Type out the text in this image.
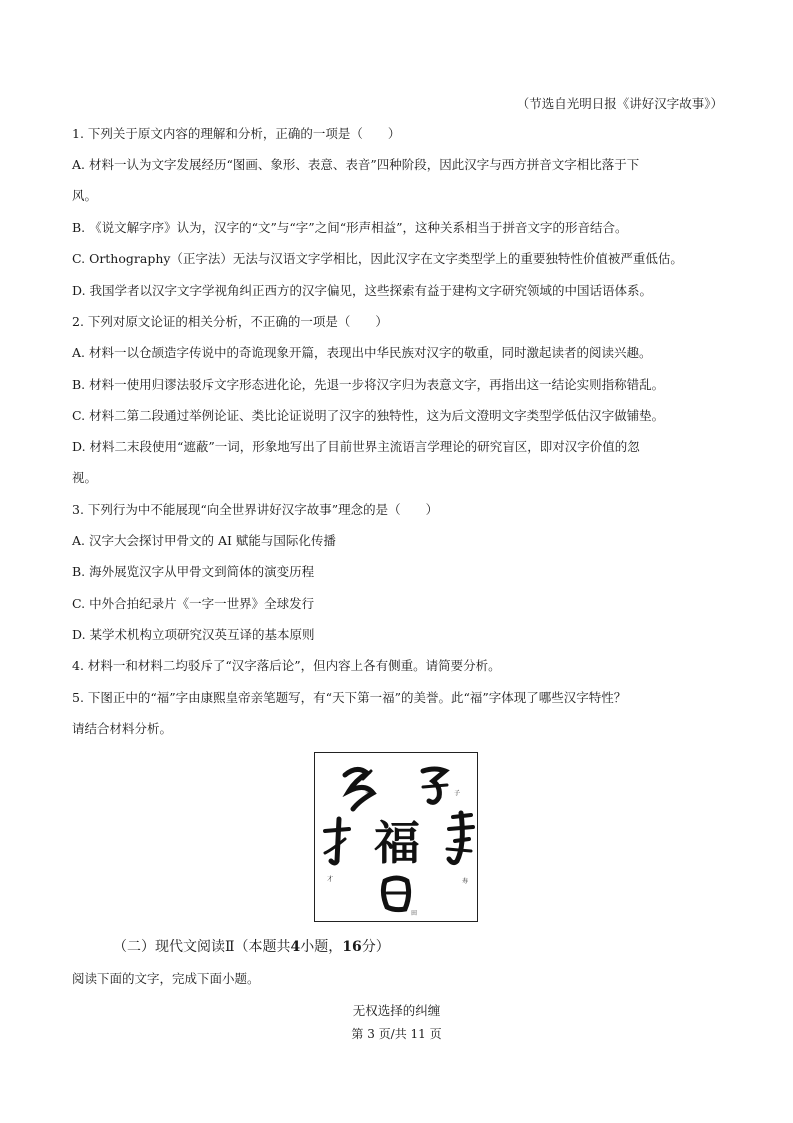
（节选自光明日报《讲好汉字故事》）
1. 下列关于原文内容的理解和分析，正确的一项是（　　）
A. 材料一认为文字发展经历“图画、象形、表意、表音”四种阶段，因此汉字与西方拼音文字相比落于下
风。
B. 《说文解字序》认为，汉字的“文”与“字”之间“形声相益”，这种关系相当于拼音文字的形音结合。
C. Orthography（正字法）无法与汉语文字学相比，因此汉字在文字类型学上的重要独特性价值被严重低估。
D. 我国学者以汉字文字学视角纠正西方的汉字偏见，这些探索有益于建构文字研究领域的中国话语体系。
2. 下列对原文论证的相关分析，不正确的一项是（　　）
A. 材料一以仓颉造字传说中的奇诡现象开篇，表现出中华民族对汉字的敬重，同时激起读者的阅读兴趣。
B. 材料一使用归谬法驳斥文字形态进化论，先退一步将汉字归为表意文字，再指出这一结论实则指称错乱。
C. 材料二第二段通过举例论证、类比论证说明了汉字的独特性，这为后文澄明文字类型学低估汉字做铺垫。
D. 材料二末段使用“遮蔽”一词，形象地写出了目前世界主流语言学理论的研究盲区，即对汉字价值的忽
视。
3. 下列行为中不能展现“向全世界讲好汉字故事”理念的是（　　）
A. 汉字大会探讨甲骨文的 AI 赋能与国际化传播
B. 海外展览汉字从甲骨文到简体的演变历程
C. 中外合拍纪录片《一字一世界》全球发行
D. 某学术机构立项研究汉英互译的基本原则
4. 材料一和材料二均驳斥了“汉字落后论”，但内容上各有侧重。请简要分析。
5. 下图正中的“福”字由康熙皇帝亲笔题写，有“天下第一福”的美誉。此“福”字体现了哪些汉字特性？
请结合材料分析。
福
多	子
才	寿
田
（二）现代文阅读Ⅱ（本题共4小题，16分）
阅读下面的文字，完成下面小题。
无权选择的纠缠
第 3 页/共 11 页
